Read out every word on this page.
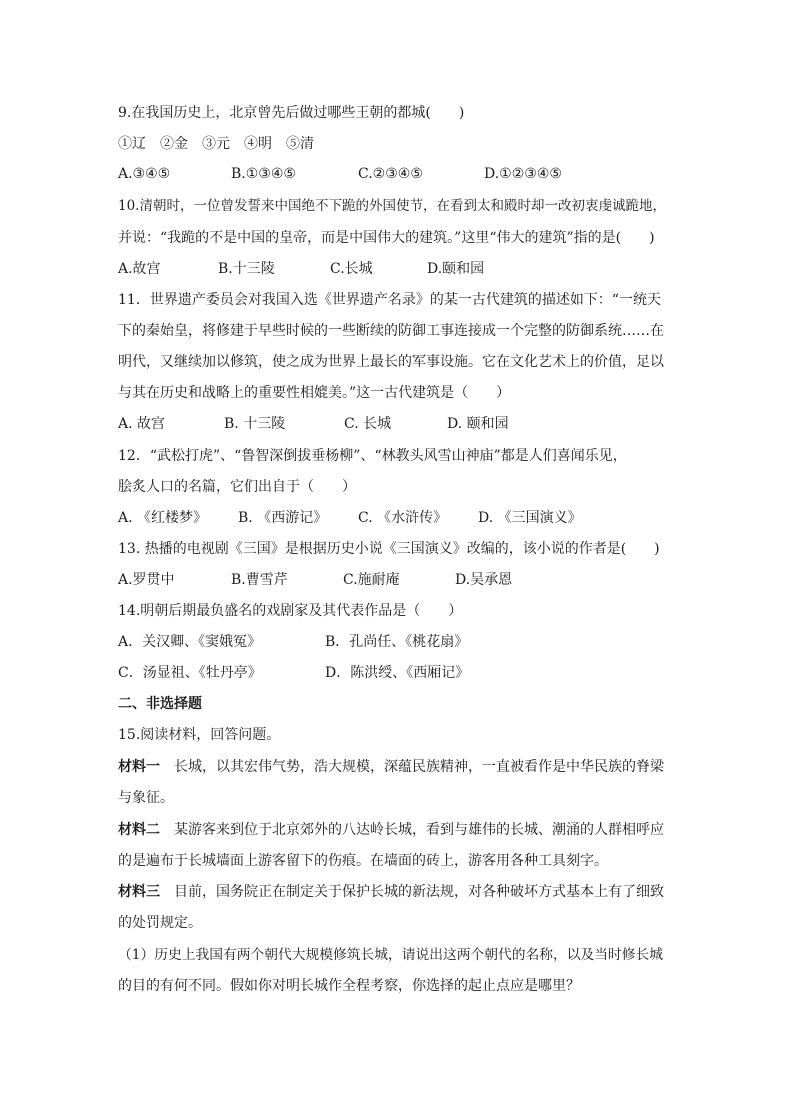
9.在我国历史上，北京曾先后做过哪些王朝的都城(　　)
①辽　②金　③元　④明　⑤清
A.③④⑤	B.①③④⑤	C.②③④⑤	D.①②③④⑤
10.清朝时，一位曾发誓来中国绝不下跪的外国使节，在看到太和殿时却一改初衷虔诚跪地，
并说：“我跪的不是中国的皇帝，而是中国伟大的建筑。”这里“伟大的建筑”指的是(　　)
A.故宫	B.十三陵	C.长城	D.颐和园
11．世界遗产委员会对我国入选《世界遗产名录》的某一古代建筑的描述如下：“一统天
下的秦始皇，将修建于早些时候的一些断续的防御工事连接成一个完整的防御系统……在
明代，又继续加以修筑，使之成为世界上最长的军事设施。它在文化艺术上的价值，足以
与其在历史和战略上的重要性相媲美。”这一古代建筑是（　　）
A. 故宫	B. 十三陵	C. 长城	D. 颐和园
12．“武松打虎”、“鲁智深倒拔垂杨柳”、“林教头风雪山神庙”都是人们喜闻乐见，
脍炙人口的名篇，它们出自于（　　）
A. 《红楼梦》 B. 《西游记》 C. 《水浒传》 D. 《三国演义》
13. 热播的电视剧《三国》是根据历史小说《三国演义》改编的，该小说的作者是(　　)
A.罗贯中	B.曹雪芹	C.施耐庵	D.吴承恩
14.明朝后期最负盛名的戏剧家及其代表作品是（　　）
A．关汉卿、《窦娥冤》	B．孔尚任、《桃花扇》
C．汤显祖、《牡丹亭》	D．陈洪绶、《西厢记》
二、非选择题
15.阅读材料，回答问题。
材料一　长城，以其宏伟气势，浩大规模，深蕴民族精神，一直被看作是中华民族的脊梁
与象征。
材料二　某游客来到位于北京郊外的八达岭长城，看到与雄伟的长城、潮涌的人群相呼应
的是遍布于长城墙面上游客留下的伤痕。在墙面的砖上，游客用各种工具刻字。
材料三　目前，国务院正在制定关于保护长城的新法规，对各种破坏方式基本上有了细致
的处罚规定。
（1）历史上我国有两个朝代大规模修筑长城，请说出这两个朝代的名称，以及当时修长城
的目的有何不同。假如你对明长城作全程考察，你选择的起止点应是哪里？
